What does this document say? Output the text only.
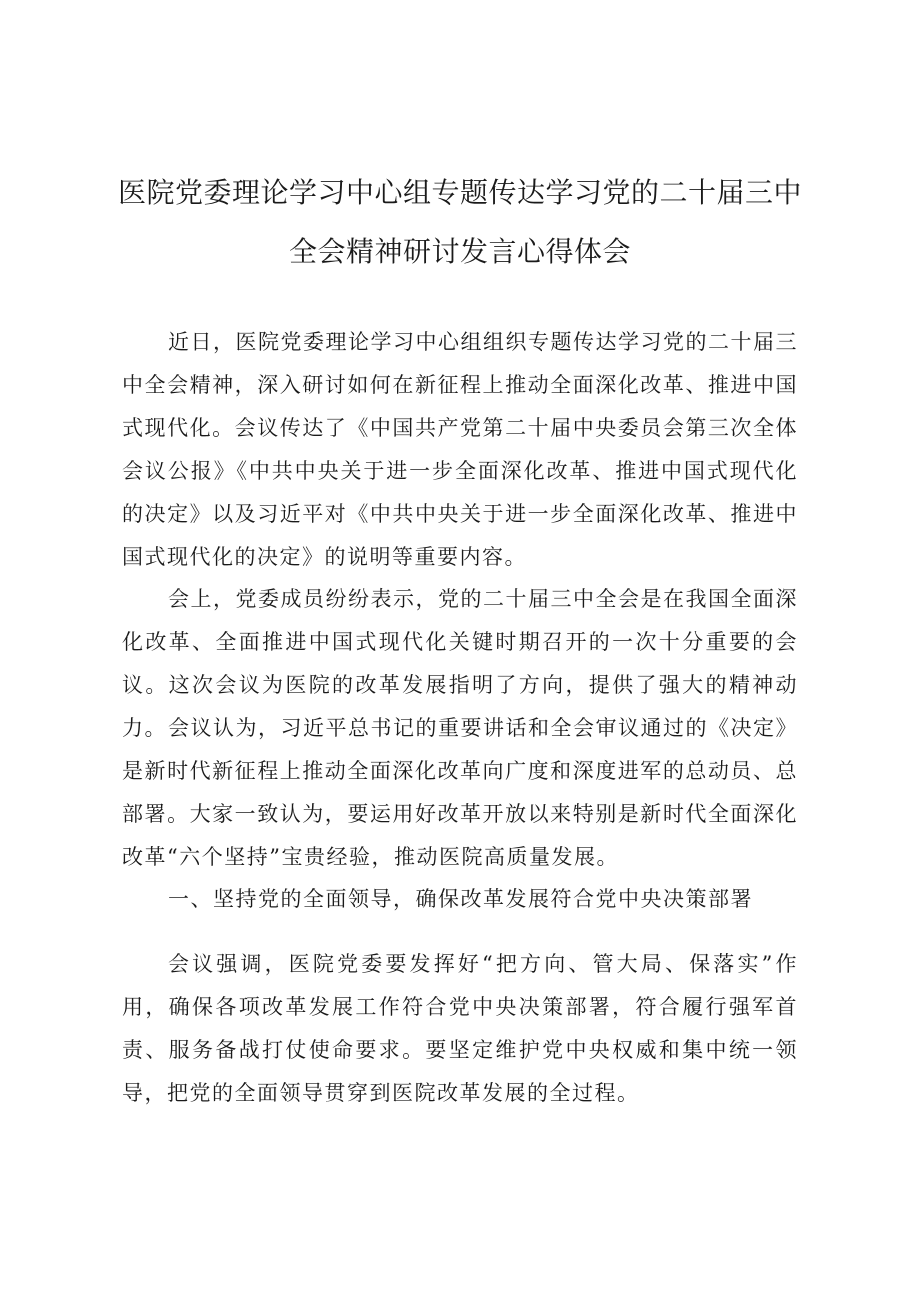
医院党委理论学习中心组专题传达学习党的二十届三中
全会精神研讨发言心得体会

近日，医院党委理论学习中心组组织专题传达学习党的二十届三中全会精神，深入研讨如何在新征程上推动全面深化改革、推进中国式现代化。会议传达了《中国共产党第二十届中央委员会第三次全体会议公报》《中共中央关于进一步全面深化改革、推进中国式现代化的决定》以及习近平对《中共中央关于进一步全面深化改革、推进中国式现代化的决定》的说明等重要内容。

会上，党委成员纷纷表示，党的二十届三中全会是在我国全面深化改革、全面推进中国式现代化关键时期召开的一次十分重要的会议。这次会议为医院的改革发展指明了方向，提供了强大的精神动力。 会议认为，习近平总书记的重要讲话和全会审议通过的《决定》是新时代新征程上推动全面深化改革向广度和深度进军的总动员、总部署。大家一致认为，要运用好改革开放以来特别是新时代全面深化改革“六个坚持”宝贵经验，推动医院高质量发展。

一、坚持党的全面领导，确保改革发展符合党中央决策部署

会议强调，医院党委要发挥好“把方向、管大局、保落实”作用，确保各项改革发展工作符合党中央决策部署，符合履行强军首责、服务备战打仗使命要求。要坚定维护党中央权威和集中统一领导，把党的全面领导贯穿到医院改革发展的全过程。
